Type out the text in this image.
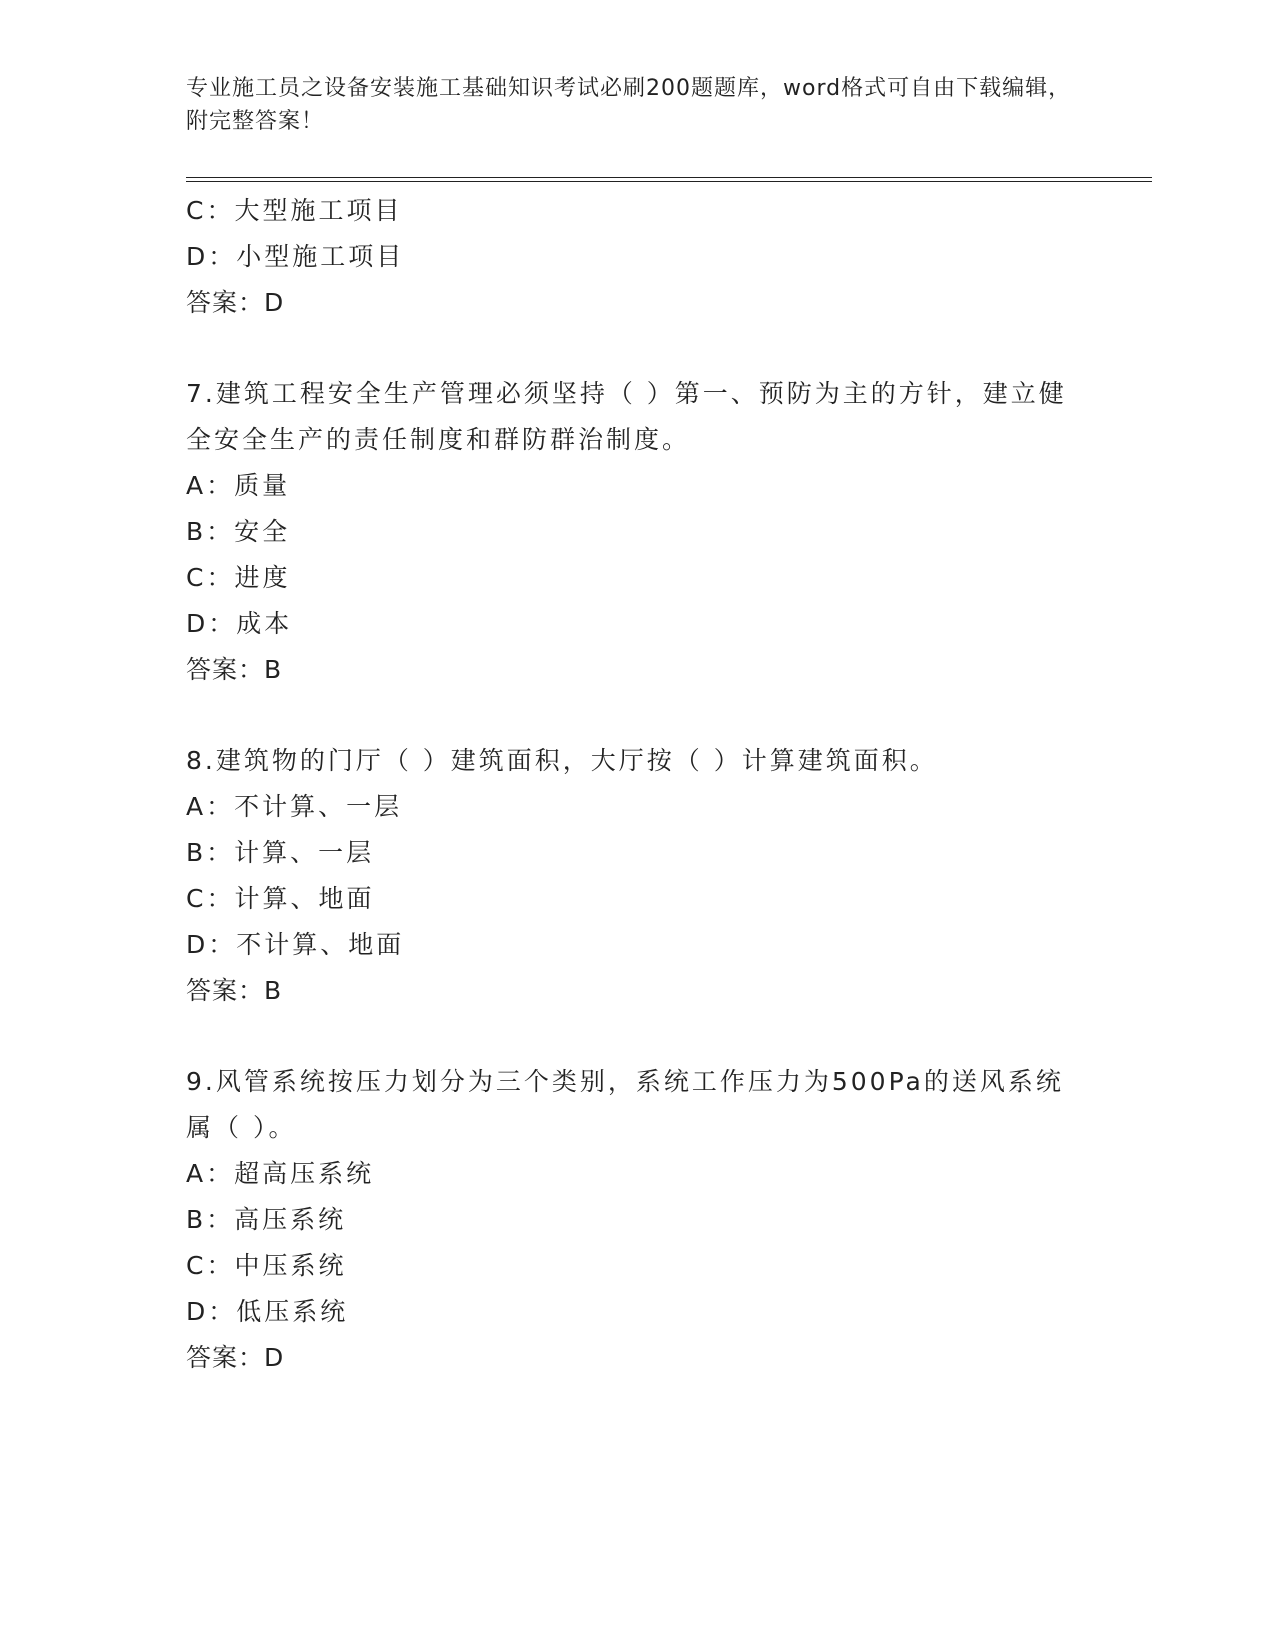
专业施工员之设备安装施工基础知识考试必刷200题题库，word格式可自由下载编辑，附完整答案！
C：大型施工项目
D：小型施工项目
答案：D
7.建筑工程安全生产管理必须坚持（ ）第一、预防为主的方针，建立健全安全生产的责任制度和群防群治制度。
A：质量
B：安全
C：进度
D：成本
答案：B
8.建筑物的门厅（ ）建筑面积，大厅按（ ）计算建筑面积。
A：不计算、一层
B：计算、一层
C：计算、地面
D：不计算、地面
答案：B
9.风管系统按压力划分为三个类别，系统工作压力为500Pa的送风系统属（ ）。
A：超高压系统
B：高压系统
C：中压系统
D：低压系统
答案：D
